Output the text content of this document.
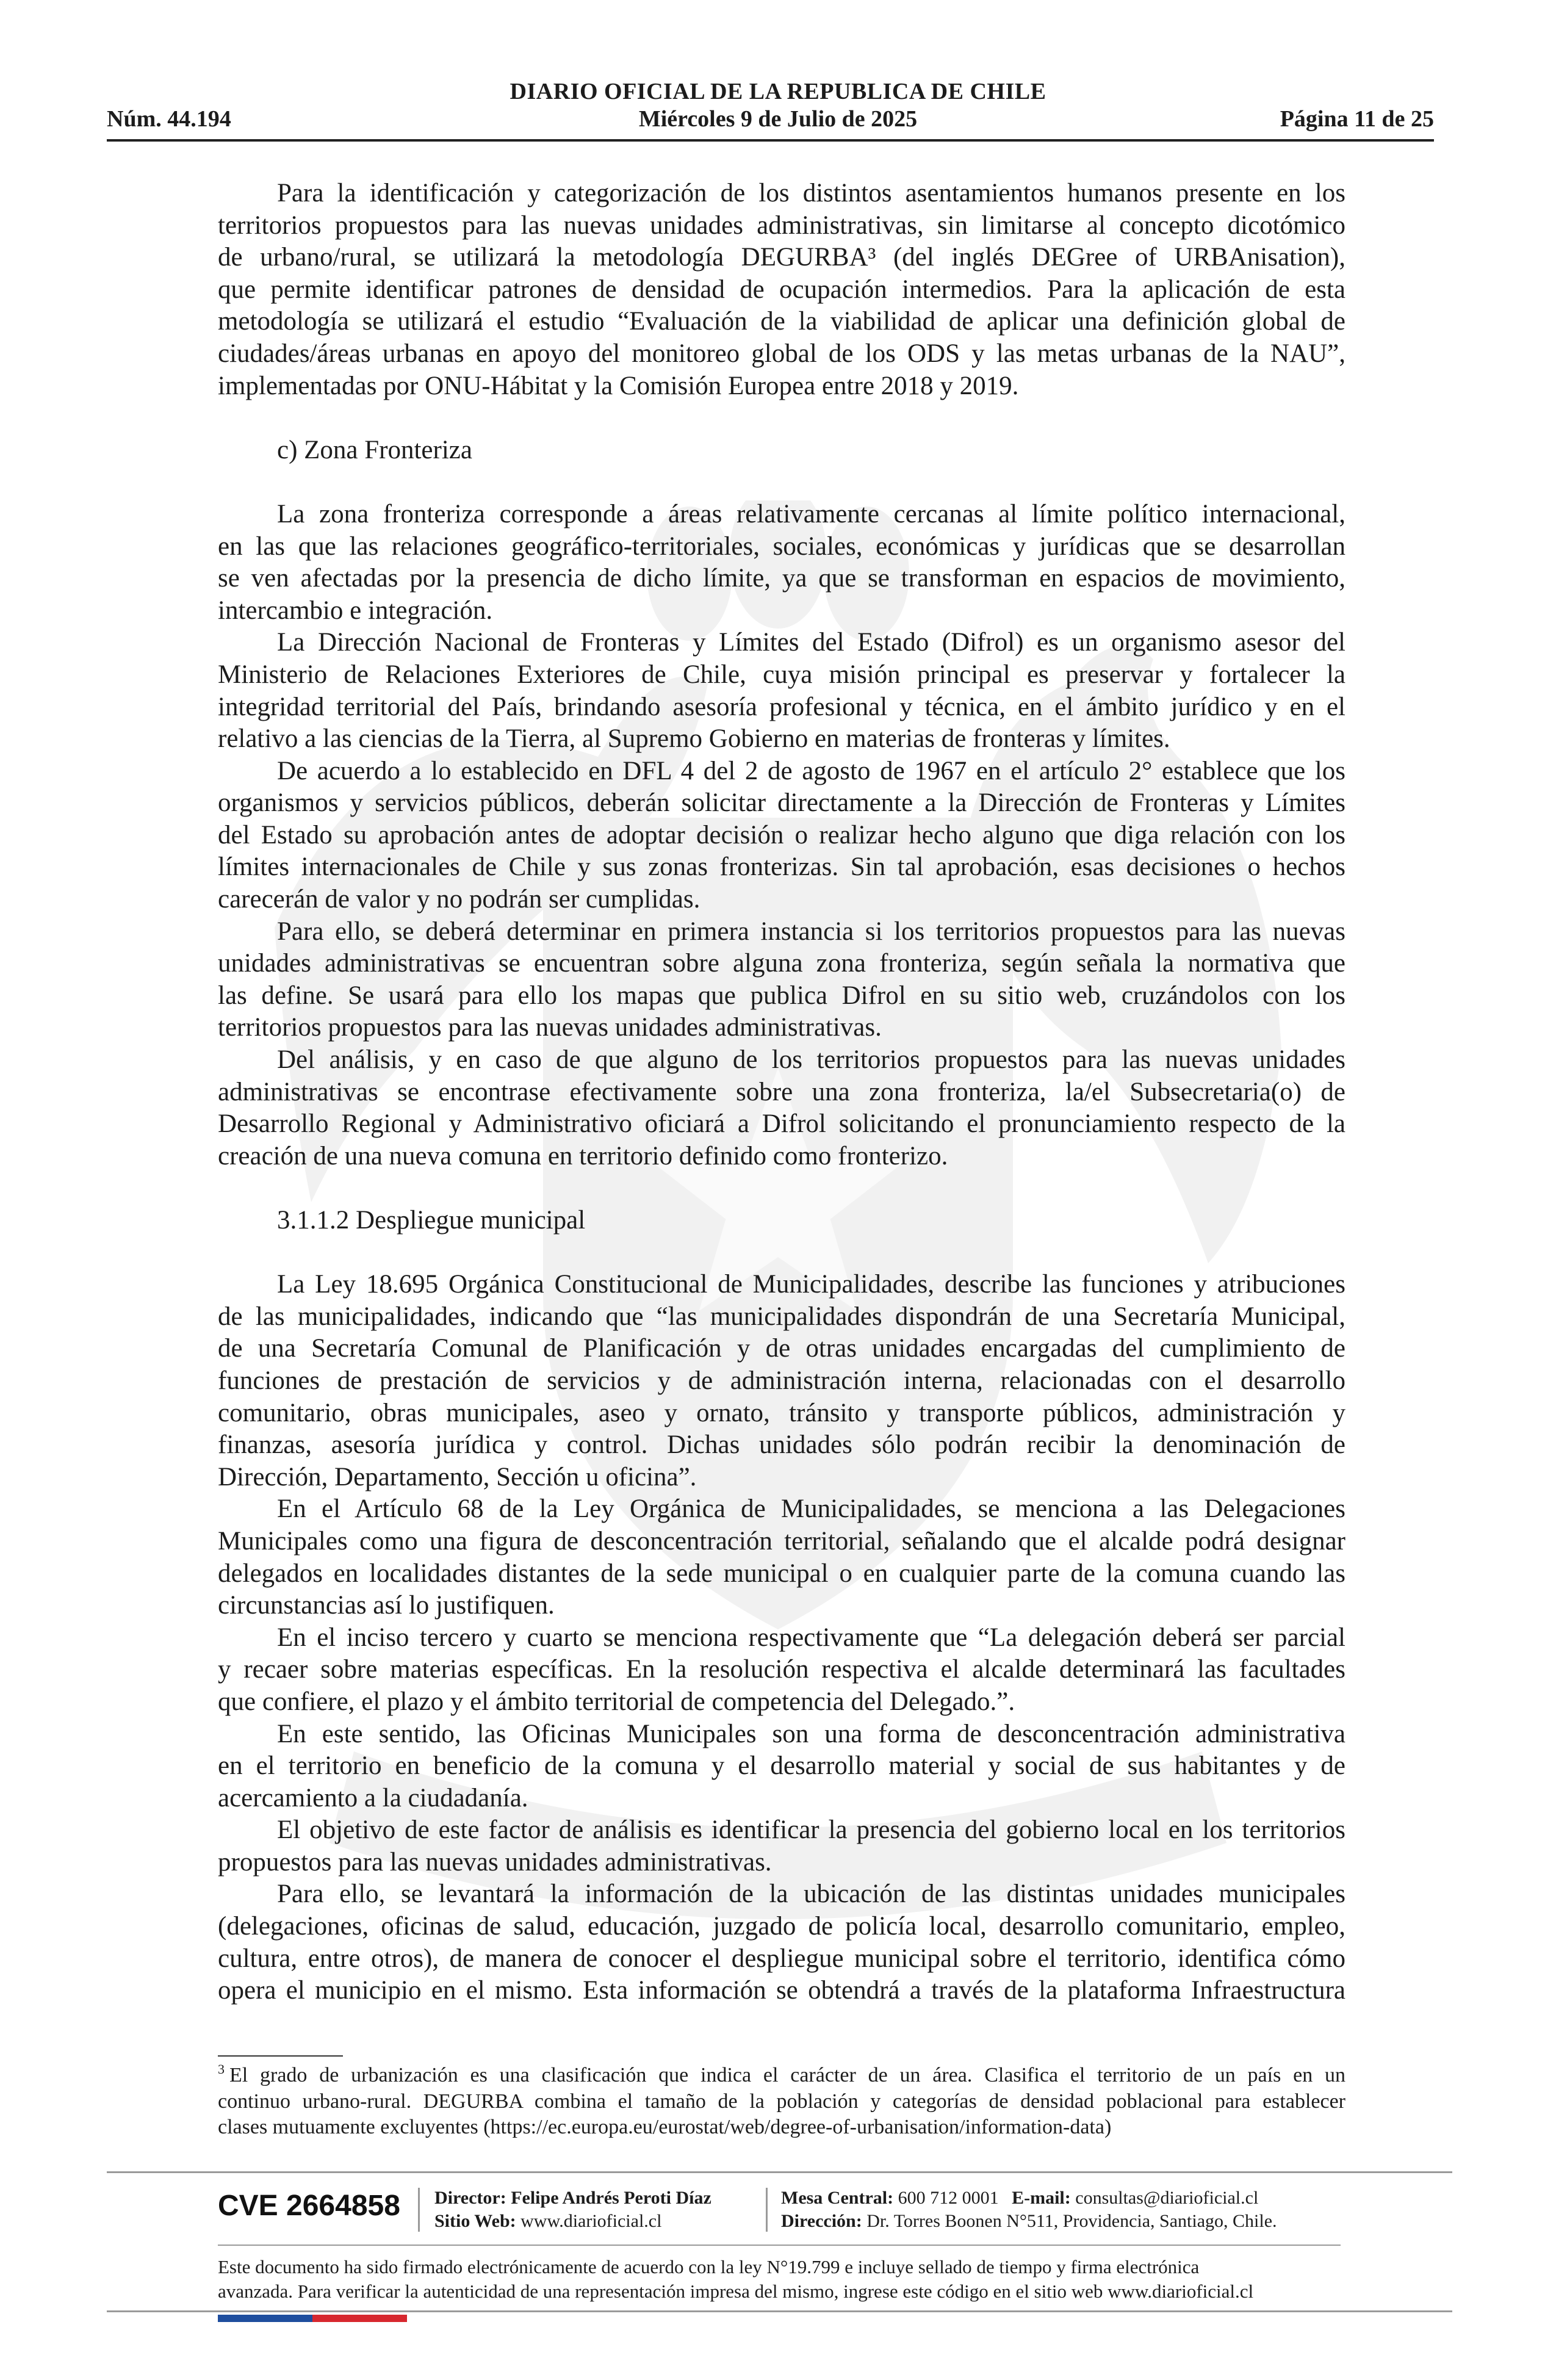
DIARIO OFICIAL DE LA REPUBLICA DE CHILE
Miércoles 9 de Julio de 2025
Núm. 44.194	Página 11 de 25
Para la identificación y categorización de los distintos asentamientos humanos presente en los
territorios propuestos para las nuevas unidades administrativas, sin limitarse al concepto dicotómico
de urbano/rural, se utilizará la metodología DEGURBA³ (del inglés DEGree of URBAnisation),
que permite identificar patrones de densidad de ocupación intermedios. Para la aplicación de esta
metodología se utilizará el estudio “Evaluación de la viabilidad de aplicar una definición global de
ciudades/áreas urbanas en apoyo del monitoreo global de los ODS y las metas urbanas de la NAU”,
implementadas por ONU-Hábitat y la Comisión Europea entre 2018 y 2019.
c) Zona Fronteriza
La zona fronteriza corresponde a áreas relativamente cercanas al límite político internacional,
en las que las relaciones geográfico-territoriales, sociales, económicas y jurídicas que se desarrollan
se ven afectadas por la presencia de dicho límite, ya que se transforman en espacios de movimiento,
intercambio e integración.
La Dirección Nacional de Fronteras y Límites del Estado (Difrol) es un organismo asesor del
Ministerio de Relaciones Exteriores de Chile, cuya misión principal es preservar y fortalecer la
integridad territorial del País, brindando asesoría profesional y técnica, en el ámbito jurídico y en el
relativo a las ciencias de la Tierra, al Supremo Gobierno en materias de fronteras y límites.
De acuerdo a lo establecido en DFL 4 del 2 de agosto de 1967 en el artículo 2° establece que los
organismos y servicios públicos, deberán solicitar directamente a la Dirección de Fronteras y Límites
del Estado su aprobación antes de adoptar decisión o realizar hecho alguno que diga relación con los
límites internacionales de Chile y sus zonas fronterizas. Sin tal aprobación, esas decisiones o hechos
carecerán de valor y no podrán ser cumplidas.
Para ello, se deberá determinar en primera instancia si los territorios propuestos para las nuevas
unidades administrativas se encuentran sobre alguna zona fronteriza, según señala la normativa que
las define. Se usará para ello los mapas que publica Difrol en su sitio web, cruzándolos con los
territorios propuestos para las nuevas unidades administrativas.
Del análisis, y en caso de que alguno de los territorios propuestos para las nuevas unidades
administrativas se encontrase efectivamente sobre una zona fronteriza, la/el Subsecretaria(o) de
Desarrollo Regional y Administrativo oficiará a Difrol solicitando el pronunciamiento respecto de la
creación de una nueva comuna en territorio definido como fronterizo.
3.1.1.2 Despliegue municipal
La Ley 18.695 Orgánica Constitucional de Municipalidades, describe las funciones y atribuciones
de las municipalidades, indicando que “las municipalidades dispondrán de una Secretaría Municipal,
de una Secretaría Comunal de Planificación y de otras unidades encargadas del cumplimiento de
funciones de prestación de servicios y de administración interna, relacionadas con el desarrollo
comunitario, obras municipales, aseo y ornato, tránsito y transporte públicos, administración y
finanzas, asesoría jurídica y control. Dichas unidades sólo podrán recibir la denominación de
Dirección, Departamento, Sección u oficina”.
En el Artículo 68 de la Ley Orgánica de Municipalidades, se menciona a las Delegaciones
Municipales como una figura de desconcentración territorial, señalando que el alcalde podrá designar
delegados en localidades distantes de la sede municipal o en cualquier parte de la comuna cuando las
circunstancias así lo justifiquen.
En el inciso tercero y cuarto se menciona respectivamente que “La delegación deberá ser parcial
y recaer sobre materias específicas. En la resolución respectiva el alcalde determinará las facultades
que confiere, el plazo y el ámbito territorial de competencia del Delegado.”.
En este sentido, las Oficinas Municipales son una forma de desconcentración administrativa
en el territorio en beneficio de la comuna y el desarrollo material y social de sus habitantes y de
acercamiento a la ciudadanía.
El objetivo de este factor de análisis es identificar la presencia del gobierno local en los territorios
propuestos para las nuevas unidades administrativas.
Para ello, se levantará la información de la ubicación de las distintas unidades municipales
(delegaciones, oficinas de salud, educación, juzgado de policía local, desarrollo comunitario, empleo,
cultura, entre otros), de manera de conocer el despliegue municipal sobre el territorio, identifica cómo
opera el municipio en el mismo. Esta información se obtendrá a través de la plataforma Infraestructura
$^3$ El grado de urbanización es una clasificación que indica el carácter de un área. Clasifica el territorio de un país en un
continuo urbano-rural. DEGURBA combina el tamaño de la población y categorías de densidad poblacional para establecer
clases mutuamente excluyentes (https://ec.europa.eu/eurostat/web/degree-of-urbanisation/information-data)
CVE 2664858 Director: Felipe Andrés Peroti Díaz
Sitio Web: www.diarioficial.cl
Mesa Central: 600 712 0001 E-mail: consultas@diarioficial.cl
Dirección: Dr. Torres Boonen N°511, Providencia, Santiago, Chile.
Este documento ha sido firmado electrónicamente de acuerdo con la ley N°19.799 e incluye sellado de tiempo y firma electrónica
avanzada. Para verificar la autenticidad de una representación impresa del mismo, ingrese este código en el sitio web www.diarioficial.cl
